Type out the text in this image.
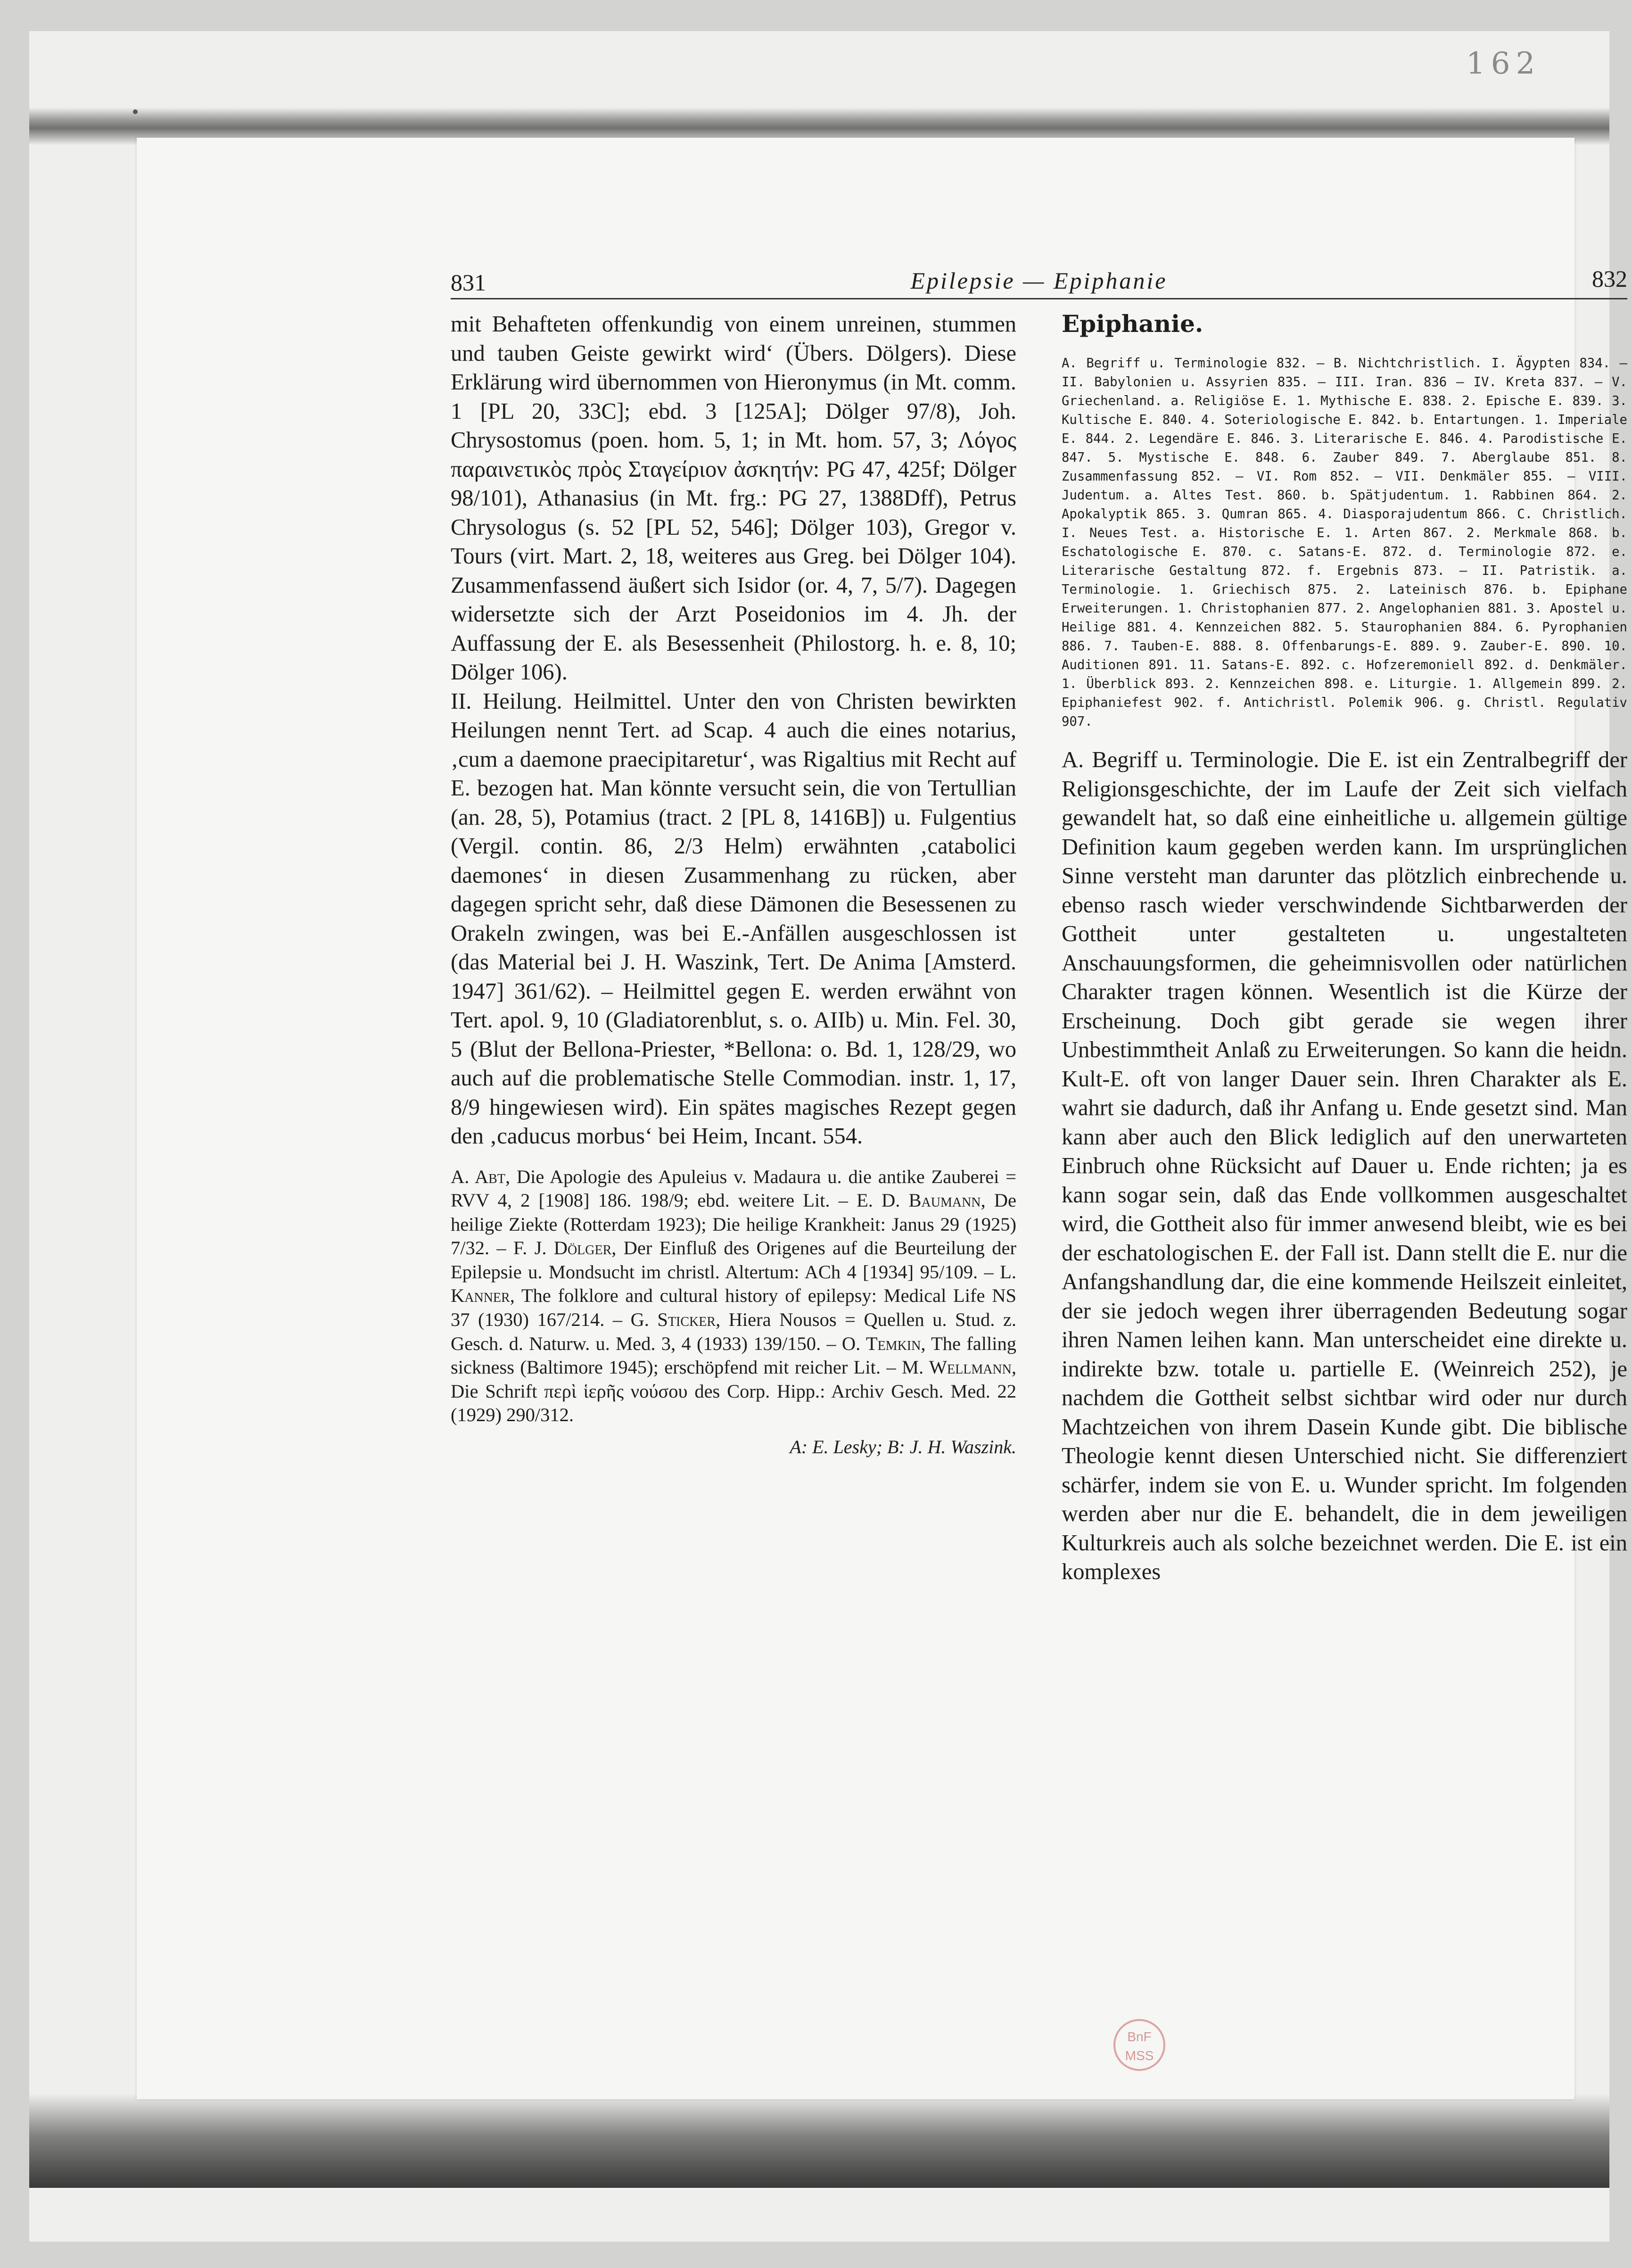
162
831	Epilepsie — Epiphanie	832

mit Behafteten offenkundig von einem unreinen, stummen und tauben Geiste gewirkt wird‘ (Übers. Dölgers). Diese Erklärung wird übernommen von Hieronymus (in Mt. comm. 1 [PL 20, 33C]; ebd. 3 [125A]; Dölger 97/8), Joh. Chrysostomus (poen. hom. 5, 1; in Mt. hom. 57, 3; Λόγος παραινετικὸς πρὸς Σταγείριον ἀσκητήν: PG 47, 425f; Dölger 98/101), Athanasius (in Mt. frg.: PG 27, 1388Dff), Petrus Chrysologus (s. 52 [PL 52, 546]; Dölger 103), Gregor v. Tours (virt. Mart. 2, 18, weiteres aus Greg. bei Dölger 104). Zusammenfassend äußert sich Isidor (or. 4, 7, 5/7). Dagegen widersetzte sich der Arzt Poseidonios im 4. Jh. der Auffassung der E. als Besessenheit (Philostorg. h. e. 8, 10; Dölger 106).

II. Heilung. Heilmittel. Unter den von Christen bewirkten Heilungen nennt Tert. ad Scap. 4 auch die eines notarius, ‚cum a daemone praecipitaretur‘, was Rigaltius mit Recht auf E. bezogen hat. Man könnte versucht sein, die von Tertullian (an. 28, 5), Potamius (tract. 2 [PL 8, 1416B]) u. Fulgentius (Vergil. contin. 86, 2/3 Helm) erwähnten ‚catabolici daemones‘ in diesen Zusammenhang zu rücken, aber dagegen spricht sehr, daß diese Dämonen die Besessenen zu Orakeln zwingen, was bei E.-Anfällen ausgeschlossen ist (das Material bei J. H. Waszink, Tert. De Anima [Amsterd. 1947] 361/62). – Heilmittel gegen E. werden erwähnt von Tert. apol. 9, 10 (Gladiatorenblut, s. o. AIIb) u. Min. Fel. 30, 5 (Blut der Bellona-Priester, *Bellona: o. Bd. 1, 128/29, wo auch auf die problematische Stelle Commodian. instr. 1, 17, 8/9 hingewiesen wird). Ein spätes magisches Rezept gegen den ‚caducus morbus‘ bei Heim, Incant. 554.

A. Abt, Die Apologie des Apuleius v. Madaura u. die antike Zauberei = RVV 4, 2 [1908] 186. 198/9; ebd. weitere Lit. – E. D. Baumann, De heilige Ziekte (Rotterdam 1923); Die heilige Krankheit: Janus 29 (1925) 7/32. – F. J. Dölger, Der Einfluß des Origenes auf die Beurteilung der Epilepsie u. Mondsucht im christl. Altertum: ACh 4 [1934] 95/109. – L. Kanner, The folklore and cultural history of epilepsy: Medical Life NS 37 (1930) 167/214. – G. Sticker, Hiera Nousos = Quellen u. Stud. z. Gesch. d. Naturw. u. Med. 3, 4 (1933) 139/150. – O. Temkin, The falling sickness (Baltimore 1945); erschöpfend mit reicher Lit. – M. Wellmann, Die Schrift περὶ ἱερῆς νούσου des Corp. Hipp.: Archiv Gesch. Med. 22 (1929) 290/312.

A: E. Lesky; B: J. H. Waszink.

Epiphanie.

A. Begriff u. Terminologie 832. – B. Nichtchristlich. I. Ägypten 834. – II. Babylonien u. Assyrien 835. – III. Iran. 836 – IV. Kreta 837. – V. Griechenland. a. Religiöse E. 1. Mythische E. 838. 2. Epische E. 839. 3. Kultische E. 840. 4. Soteriologische E. 842. b. Entartungen. 1. Imperiale E. 844. 2. Legendäre E. 846. 3. Literarische E. 846. 4. Parodistische E. 847. 5. Mystische E. 848. 6. Zauber 849. 7. Aberglaube 851. 8. Zusammenfassung 852. – VI. Rom 852. – VII. Denkmäler 855. – VIII. Judentum. a. Altes Test. 860. b. Spätjudentum. 1. Rabbinen 864. 2. Apokalyptik 865. 3. Qumran 865. 4. Diasporajudentum 866. C. Christlich. I. Neues Test. a. Historische E. 1. Arten 867. 2. Merkmale 868. b. Eschatologische E. 870. c. Satans-E. 872. d. Terminologie 872. e. Literarische Gestaltung 872. f. Ergebnis 873. – II. Patristik. a. Terminologie. 1. Griechisch 875. 2. Lateinisch 876. b. Epiphane Erweiterungen. 1. Christophanien 877. 2. Angelophanien 881. 3. Apostel u. Heilige 881. 4. Kennzeichen 882. 5. Staurophanien 884. 6. Pyrophanien 886. 7. Tauben-E. 888. 8. Offenbarungs-E. 889. 9. Zauber-E. 890. 10. Auditionen 891. 11. Satans-E. 892. c. Hofzeremoniell 892. d. Denkmäler. 1. Überblick 893. 2. Kennzeichen 898. e. Liturgie. 1. Allgemein 899. 2. Epiphaniefest 902. f. Antichristl. Polemik 906. g. Christl. Regulativ 907.

A. Begriff u. Terminologie. Die E. ist ein Zentralbegriff der Religionsgeschichte, der im Laufe der Zeit sich vielfach gewandelt hat, so daß eine einheitliche u. allgemein gültige Definition kaum gegeben werden kann. Im ursprünglichen Sinne versteht man darunter das plötzlich einbrechende u. ebenso rasch wieder verschwindende Sichtbarwerden der Gottheit unter gestalteten u. ungestalteten Anschauungsformen, die geheimnisvollen oder natürlichen Charakter tragen können. Wesentlich ist die Kürze der Erscheinung. Doch gibt gerade sie wegen ihrer Unbestimmtheit Anlaß zu Erweiterungen. So kann die heidn. Kult-E. oft von langer Dauer sein. Ihren Charakter als E. wahrt sie dadurch, daß ihr Anfang u. Ende gesetzt sind. Man kann aber auch den Blick lediglich auf den unerwarteten Einbruch ohne Rücksicht auf Dauer u. Ende richten; ja es kann sogar sein, daß das Ende vollkommen ausgeschaltet wird, die Gottheit also für immer anwesend bleibt, wie es bei der eschatologischen E. der Fall ist. Dann stellt die E. nur die Anfangshandlung dar, die eine kommende Heilszeit einleitet, der sie jedoch wegen ihrer überragenden Bedeutung sogar ihren Namen leihen kann. Man unterscheidet eine direkte u. indirekte bzw. totale u. partielle E. (Weinreich 252), je nachdem die Gottheit selbst sichtbar wird oder nur durch Machtzeichen von ihrem Dasein Kunde gibt. Die biblische Theologie kennt diesen Unterschied nicht. Sie differenziert schärfer, indem sie von E. u. Wunder spricht. Im folgenden werden aber nur die E. behandelt, die in dem jeweiligen Kulturkreis auch als solche bezeichnet werden. Die E. ist ein komplexes

BnF
MSS
